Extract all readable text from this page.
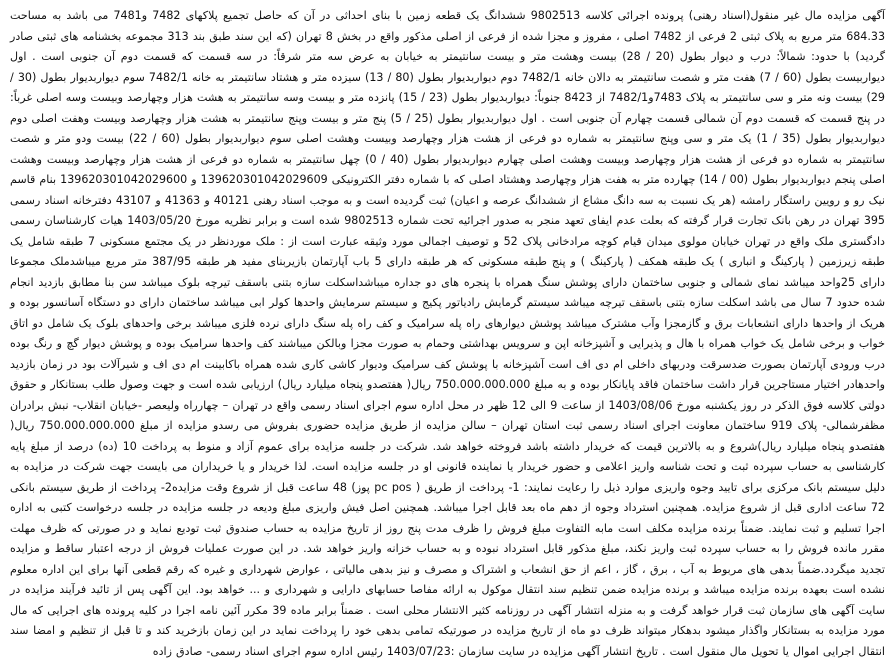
آگهی مزایده مال غیر منقول(اسناد رهنی) پرونده اجرائی کلاسه 9802513 ششدانگ یک قطعه زمین با بنای احداثی در آن که حاصل تجمیع پلاکهای 7482 و7481 می باشد به مساحت 684.33 متر مربع به پلاک ثبتی 2 فرعی از 7482 اصلی ، مفروز و مجزا شده از فرعی از اصلی مذکور واقع در بخش 8 تهران (که این سند طبق بند 313 مجموعه بخشنامه های ثبتی صادر گردید) با حدود: شمالاً: درب و دیوار بطول (20 / 28) بیست وهشت متر و بیست سانتیمتر به خیابان به عرض سه متر شرقاً: در سه قسمت که قسمت دوم آن جنوبی است . اول دیواربیست بطول (60 / 7) هفت متر و شصت سانتیمتر به دالان خانه 7482/1 دوم دیواربدیوار بطول (80 / 13) سیزده متر و هشتاد سانتیمتر به خانه 7482/1 سوم دیواربدیوار بطول (30 / 29) بیست ونه متر و سی سانتیمتر به پلاک 7483و7482/1 از 8423 جنوباً: دیواربدیوار بطول (23 / 15) پانزده متر و بیست وسه سانتیمتر به هشت هزار وچهارصد وبیست وسه اصلی غرباً: در پنج قسمت که قسمت دوم آن شمالی قسمت چهارم آن جنوبی است . اول دیواربدیوار بطول (25 / 5) پنج متر و بیست وپنج سانتیمتر به هشت هزار وچهارصد وبیست وهفت اصلی دوم دیواربدیوار بطول (35 / 1) یک متر و سی وپنج سانتیمتر به شماره دو فرعی از هشت هزار وچهارصد وبیست وهشت اصلی سوم دیواربدیوار بطول (60 / 22) بیست ودو متر و شصت سانتیمتر به شماره دو فرعی از هشت هزار وچهارصد وبیست وهشت اصلی چهارم دیواربدیوار بطول (40 / 0) چهل سانتیمتر به شماره دو فرعی از هشت هزار وچهارصد وبیست وهشت اصلی پنجم دیواربدیوار بطول (00 / 14) چهارده متر به هفت هزار وچهارصد وهشتاد اصلی که با شماره دفتر الکترونیکی 139620301042029609 و 139620301042029600 بنام قاسم نیک رو و رویین راستگار رامشه (هر یک نسبت به سه دانگ مشاع از ششدانگ عرصه و اعیان) ثبت گردیده است و به موجب اسناد رهنی 40121 و 41363 و 43107 دفترخانه اسناد رسمی 395 تهران در رهن بانک تجارت قرار گرفته که بعلت عدم ایفای تعهد منجر به صدور اجرائیه تحت شماره 9802513 شده است و برابر نظریه مورخ 1403/05/20 هیات کارشناسان رسمی دادگستری ملک واقع در تهران خیابان مولوی میدان قیام کوچه مرادخانی پلاک 52 و توصیف اجمالی مورد وثیقه عبارت است از : ملک موردنظر در یک مجتمع مسکونی 7 طبقه شامل یک طبقه زیرزمین ( پارکینگ و انباری ) یک طبقه همکف ( پارکینگ ) و پنج طبقه مسکونی که هر طبقه دارای 5 باب آپارتمان بازیربنای مفید هر طبقه 387/95 متر مربع میباشدملک مجموعا دارای 25واحد میباشد نمای شمالی و جنوبی ساختمان دارای پوشش سنگ همراه با پنجره های دو جداره میباشداسکلت سازه بتنی باسقف تیرچه بلوک میباشد سن بنا مطابق بازدید انجام شده حدود 7 سال می باشد اسکلت سازه بتنی باسقف تیرچه میباشد سیستم گرمایش رادیاتور پکیج و سیستم سرمایش واحدها کولر ابی میباشد ساختمان دارای دو دستگاه آسانسور بوده و هریک از واحدها دارای انشعابات برق و گازمجزا وآب مشترک میباشد پوشش دیوارهای راه پله سرامیک و کف راه پله سنگ دارای نرده فلزی میباشد برخی واحدهای بلوک یک شامل دو اتاق خواب و برخی شامل یک خواب همراه با هال و پذیرایی و آشپزخانه اپن و سرویس بهداشتی وحمام به صورت مجزا وبالکن میباشند کف واحدها سرامیک بوده و پوشش دیوار گچ و رنگ بوده درب ورودی آپارتمان بصورت ضدسرقت ودربهای داخلی ام دی اف است آشپزخانه با پوشش کف سرامیک ودیوار کاشی کاری شده همراه باکابینت ام دی اف و شیرآلات بود در زمان بازدید واحدهادر اختیار مستاجرین قرار داشت ساختمان فاقد پایانکار بوده و به مبلغ 750.000.000.000 ریال( هفتصدو پنجاه میلیارد ریال) ارزیابی شده است و جهت وصول طلب بستانکار و حقوق دولتی کلاسه فوق الذکر در روز یکشنبه مورخ 1403/08/06 از ساعت 9 الی 12 ظهر در محل اداره سوم اجرای اسناد رسمی واقع در تهران – چهارراه ولیعصر -خیابان انقلاب- نبش برادران مظفرشمالی- پلاک 919 ساختمان معاونت اجرای اسناد رسمی ثبت استان تهران – سالن مزایده از طریق مزایده حضوری بفروش می رسدو مزایده از مبلغ 750.000.000.000 ریال( هفتصدو پنجاه میلیارد ریال)شروع و به بالاترین قیمت که خریدار داشته باشد فروخته خواهد شد. شرکت در جلسه مزایده برای عموم آزاد و منوط به پرداخت 10 (ده) درصد از مبلغ پایه کارشناسی به حساب سپرده ثبت و تحت شناسه واریز اعلامی و حضور خریدار یا نماینده قانونی او در جلسه مزایده است. لذا خریدار و یا خریداران می بایست جهت شرکت در مزایده به دلیل سیستم بانک مرکزی برای تایید وجوه واریزی موارد ذیل را رعایت نمایند: 1- پرداخت از طریق ( pc pos پوز) 48 ساعت قبل از شروع وقت مزایده2- پرداخت از طریق سیستم بانکی 72 ساعت اداری قبل از شروع مزایده. همچنین استرداد وجوه از دهم ماه بعد قابل اجرا میباشد. همچنین اصل فیش واریزی مبلغ ودیعه در جلسه مزایده در جلسه درخواست کتبی به اداره اجرا تسلیم و ثبت نمایند. ضمناً برنده مزایده مکلف است مابه التفاوت مبلغ فروش را ظرف مدت پنج روز از تاریخ مزایده به حساب صندوق ثبت تودیع نماید و در صورتی که ظرف مهلت مقرر مانده فروش را به حساب سپرده ثبت واریز نکند، مبلغ مذکور قابل استرداد نبوده و به حساب خزانه واریز خواهد شد. در این صورت عملیات فروش از درجه اعتبار ساقط و مزایده تجدید میگردد.ضمناً بدهی های مربوط به آب ، برق ، گاز ، اعم از حق انشعاب و اشتراک و مصرف و نیز بدهی مالیاتی ، عوارض شهرداری و غیره که رقم قطعی آنها برای این اداره معلوم نشده است بعهده برنده مزایده میباشد و برنده مزایده ضمن تنظیم سند انتقال موکول به ارائه مفاصا حسابهای دارایی و شهرداری و ... خواهد بود. این آگهی پس از تائید فرآیند مزایده در سایت آگهی های سازمان ثبت قرار خواهد گرفت و به منزله انتشار آگهی در روزنامه کثیر الانتشار محلی است . ضمناً برابر ماده 39 مکرر آئین نامه اجرا در کلیه پرونده های اجرایی که مال مورد مزایده به بستانکار واگذار میشود بدهکار میتواند ظرف دو ماه از تاریخ مزایده در صورتیکه تمامی بدهی خود را پرداخت نماید در این زمان بازخرید کند و تا قبل از تنظیم و امضا سند انتقال اجرایی اموال یا تحویل مال منقول است . تاریخ انتشار آگهی مزایده در سایت سازمان :1403/07/23 رئیس اداره سوم اجرای اسناد رسمی- صادق زاده
